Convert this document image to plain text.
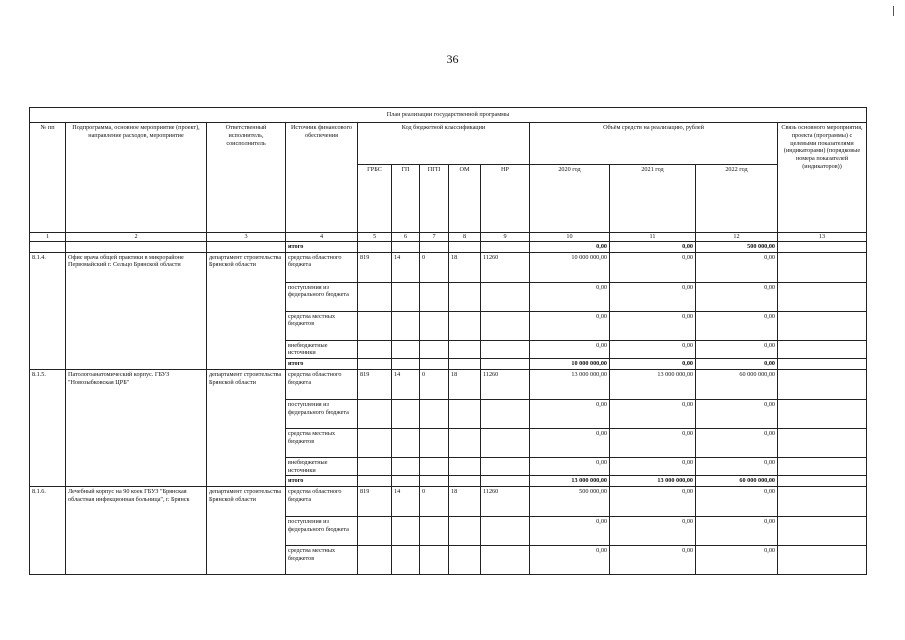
36
План реализации государственной программы												
№ пп	Подпрограмма, основное мероприятие (проект), направление расходов, мероприятие	Ответственный исполнитель, соисполнитель	Источник финансового обеспечения	Код бюджетной классификации					Объём средств на реализацию, рублей			Связь основного мероприятия, проекта (программы) с целевыми показателями (индикаторами) (порядковые номера показателей (индикаторов))
				ГРБС	ГП	ПГП	ОМ	НР	2020 год	2021 год	2022 год	
1	2	3	4	5	6	7	8	9	10	11	12	13
			итого						0,00	0,00	500 000,00	
8.1.4.	Офис врача общей практики в микрорайоне Первомайский г. Сельцо Брянской области	департамент строительства Брянской области	средства областного бюджета	819	14	0	18	11260	10 000 000,00	0,00	0,00	
			поступления из федерального бюджета						0,00	0,00	0,00	
			средства местных бюджетов						0,00	0,00	0,00	
			внебюджетные источники						0,00	0,00	0,00	
			итого						10 000 000,00	0,00	0,00	
8.1.5.	Патологоанатомический корпус. ГБУЗ "Новозыбковская ЦРБ"	департамент строительства Брянской области	средства областного бюджета	819	14	0	18	11260	13 000 000,00	13 000 000,00	60 000 000,00	
			поступления из федерального бюджета						0,00	0,00	0,00	
			средства местных бюджетов						0,00	0,00	0,00	
			внебюджетные источники						0,00	0,00	0,00	
			итого						13 000 000,00	13 000 000,00	60 000 000,00	
8.1.6.	Лечебный корпус на 90 коек ГБУЗ "Брянская областная инфекционная больница", г. Брянск	департамент строительства Брянской области	средства областного бюджета	819	14	0	18	11260	500 000,00	0,00	0,00	
			поступления из федерального бюджета						0,00	0,00	0,00	
			средства местных бюджетов						0,00	0,00	0,00	
